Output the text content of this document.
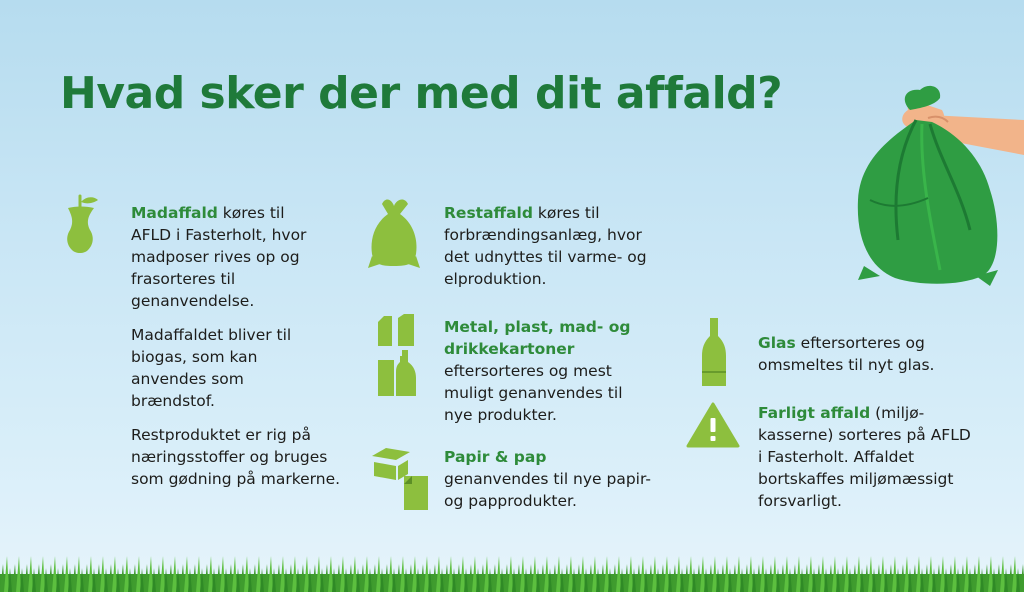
Hvad sker der med dit affald?

Madaffald køres til AFLD i Fasterholt, hvor madposer rives op og frasorteres til genanvendelse.

Madaffaldet bliver til biogas, som kan anvendes som brændstof.

Restproduktet er rig på næringsstoffer og bruges som gødning på markerne.

Restaffald køres til forbrændingsanlæg, hvor det udnyttes til varme- og elproduktion.

Metal, plast, mad- og drikkekartoner
eftersorteres og mest muligt genanvendes til nye produkter.

Papir & pap
genanvendes til nye papir- og papprodukter.

Glas eftersorteres og omsmeltes til nyt glas.

Farligt affald (miljø-kasserne) sorteres på AFLD i Fasterholt. Affaldet bortskaffes miljømæssigt forsvarligt.
